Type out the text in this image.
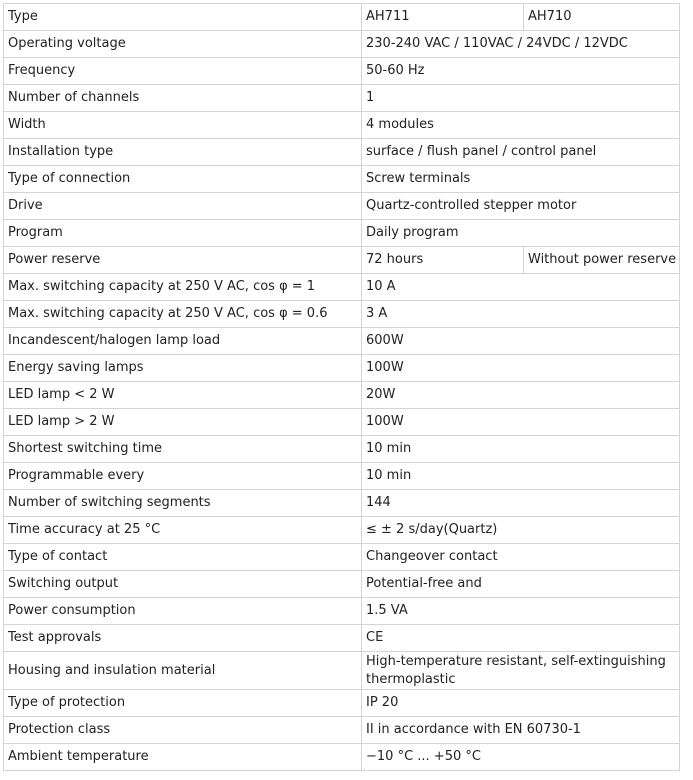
Type	AH711	AH710
Operating voltage	230-240 VAC / 110VAC / 24VDC / 12VDC	
Frequency	50-60 Hz	
Number of channels	1	
Width	4 modules	
Installation type	surface / flush panel / control panel	
Type of connection	Screw terminals	
Drive	Quartz-controlled stepper motor	
Program	Daily program	
Power reserve	72 hours	Without power reserve
Max. switching capacity at 250 V AC, cos φ = 1	10 A	
Max. switching capacity at 250 V AC, cos φ = 0.6	3 A	
Incandescent/halogen lamp load	600W	
Energy saving lamps	100W	
LED lamp < 2 W	20W	
LED lamp > 2 W	100W	
Shortest switching time	10 min	
Programmable every	10 min	
Number of switching segments	144	
Time accuracy at 25 °C	≤ ± 2 s/day(Quartz)	
Type of contact	Changeover contact	
Switching output	Potential-free and	
Power consumption	1.5 VA	
Test approvals	CE	
Housing and insulation material	High-temperature resistant, self-extinguishing thermoplastic	
Type of protection	IP 20	
Protection class	II in accordance with EN 60730-1	
Ambient temperature	−10 °C ... +50 °C	
